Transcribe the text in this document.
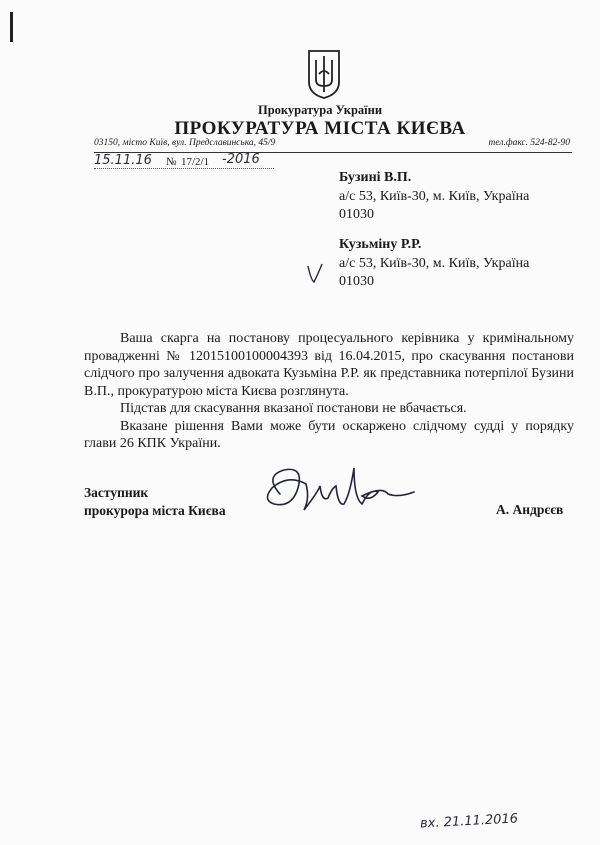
Прокуратура України
ПРОКУРАТУРА МІСТА КИЄВА
03150, місто Київ, вул. Предславинська, 45/9	тел.факс. 524-82-90
15.11.16 № 17/2/1 -2016
Бузині В.П.
а/с 53, Київ-30, м. Київ, Україна
01030
Кузьміну Р.Р.
а/с 53, Київ-30, м. Київ, Україна
01030

Ваша скарга на постанову процесуального керівника у кримінальному провадженні № 12015100100004393 від 16.04.2015, про скасування постанови слідчого про залучення адвоката Кузьміна Р.Р. як представника потерпілої Бузини В.П., прокуратурою міста Києва розглянута.

Підстав для скасування вказаної постанови не вбачається.

Вказане рішення Вами може бути оскаржено слідчому судді у порядку глави 26 КПК України.

Заступник
прокурора міста Києва	А. Андрєєв
вх. 21.11.2016
